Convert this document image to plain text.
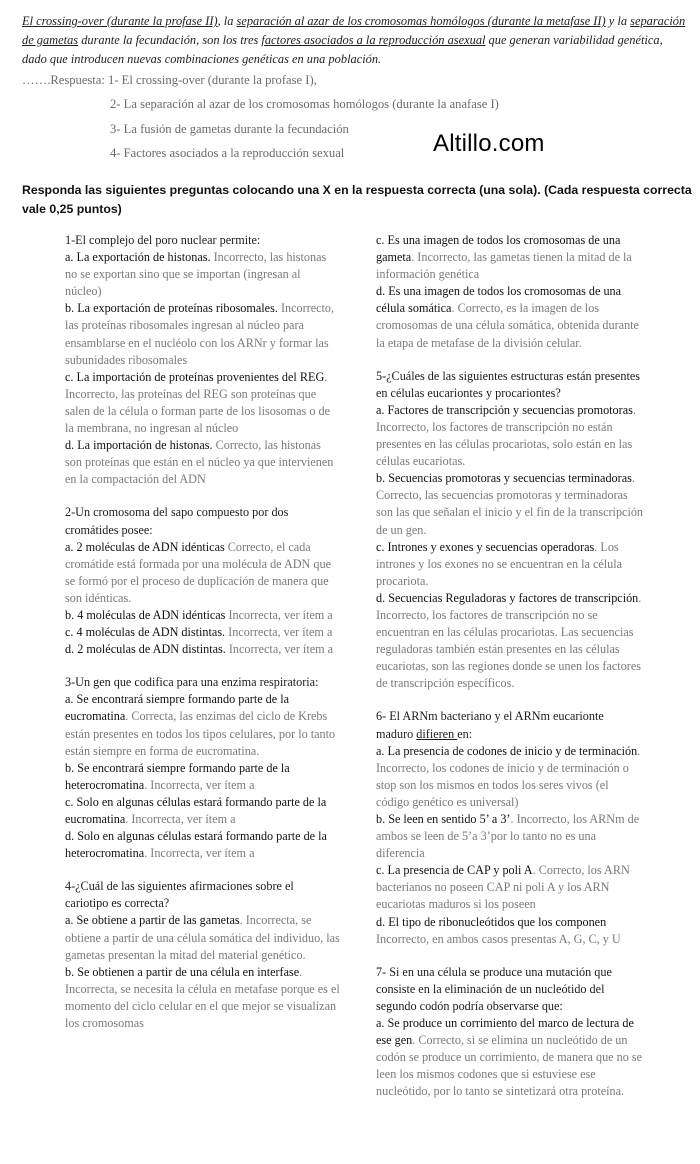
El crossing-over (durante la profase II), la separación al azar de los cromosomas homólogos (durante la metafase II) y la separación de gametas durante la fecundación, son los tres factores asociados a la reproducción asexual que generan variabilidad genética, dado que introducen nuevas combinaciones genéticas en una población.
…….Respuesta: 1- El crossing-over (durante la profase I),
2- La separación al azar de los cromosomas homólogos (durante la anafase I)
3- La fusión de gametas durante la fecundación
4- Factores asociados a la reproducción sexual	Altillo.com
Responda las siguientes preguntas colocando una X en la respuesta correcta (una sola). (Cada respuesta correcta vale 0,25 puntos)
1-El complejo del poro nuclear permite:
a. La exportación de histonas. Incorrecto, las histonas no se exportan sino que se importan (ingresan al núcleo)
b. La exportación de proteínas ribosomales. Incorrecto, las proteínas ribosomales ingresan al núcleo para ensamblarse en el nucléolo con los ARNr y formar las subunidades ribosomales
c. La importación de proteínas provenientes del REG. Incorrecto, las proteínas del REG son proteínas que salen de la célula o forman parte de los lisosomas o de la membrana, no ingresan al núcleo
d. La importación de histonas. Correcto, las histonas son proteínas que están en el núcleo ya que intervienen en la compactación del ADN
2-Un cromosoma del sapo compuesto por dos cromátides posee:
a. 2 moléculas de ADN idénticas Correcto, el cada cromátide está formada por una molécula de ADN que se formó por el proceso de duplicación de manera que son idénticas.
b. 4 moléculas de ADN idénticas Incorrecta, ver ítem a
c. 4 moléculas de ADN distintas. Incorrecta, ver ítem a
d. 2 moléculas de ADN distintas. Incorrecta, ver ítem a
3-Un gen que codifica para una enzima respiratoria:
a. Se encontrará siempre formando parte de la eucromatina. Correcta, las enzimas del ciclo de Krebs están presentes en todos los tipos celulares, por lo tanto están siempre en forma de eucromatina.
b. Se encontrará siempre formando parte de la heterocromatina. Incorrecta, ver ítem a
c. Solo en algunas células estará formando parte de la eucromatina. Incorrecta, ver ítem a
d. Solo en algunas células estará formando parte de la heterocromatina. Incorrecta, ver ítem a
4-¿Cuál de las siguientes afirmaciones sobre el cariotipo es correcta?
a. Se obtiene a partir de las gametas. Incorrecta, se obtiene a partir de una célula somática del individuo, las gametas presentan la mitad del material genético.
b. Se obtienen a partir de una célula en interfase. Incorrecta, se necesita la célula en metafase porque es el momento del ciclo celular en el que mejor se visualizan los cromosomas
c. Es una imagen de todos los cromosomas de una gameta. Incorrecto, las gametas tienen la mitad de la información genética
d. Es una imagen de todos los cromosomas de una célula somática. Correcto, es la imagen de los cromosomas de una célula somática, obtenida durante la etapa de metafase de la división celular.
5-¿Cuáles de las siguientes estructuras están presentes en células eucariontes y procariontes?
a. Factores de transcripción y secuencias promotoras. Incorrecto, los factores de transcripción no están presentes en las células procariotas, solo están en las células eucariotas.
b. Secuencias promotoras y secuencias terminadoras. Correcto, las secuencias promotoras y terminadoras son las que señalan el inicio y el fin de la transcripción de un gen.
c. Intrones y exones y secuencias operadoras. Los intrones y los exones no se encuentran en la célula procariota.
d. Secuencias Reguladoras y factores de transcripción. Incorrecto, los factores de transcripción no se encuentran en las células procariotas. Las secuencias reguladoras también están presentes en las células eucariotas, son las regiones donde se unen los factores de transcripción específicos.
6- El ARNm bacteriano y el ARNm eucarionte maduro difieren en:
a. La presencia de codones de inicio y de terminación. Incorrecto, los codones de inicio y de terminación o stop son los mismos en todos los seres vivos (el código genético es universal)
b. Se leen en sentido 5’ a 3’. Incorrecto, los ARNm de ambos se leen de 5’a 3’por lo tanto no es una diferencia
c. La presencia de CAP y poli A. Correcto, los ARN bacterianos no poseen CAP ni poli A y los ARN eucariotas maduros si los poseen
d. El tipo de ribonucleótidos que los componen Incorrecto, en ambos casos presentas A, G, C, y U
7- Si en una célula se produce una mutación que consiste en la eliminación de un nucleótido del segundo codón podría observarse que:
a. Se produce un corrimiento del marco de lectura de ese gen. Correcto, si se elimina un nucleótido de un codón se produce un corrimiento, de manera que no se leen los mismos codones que si estuviese ese nucleótido, por lo tanto se sintetizará otra proteína.
